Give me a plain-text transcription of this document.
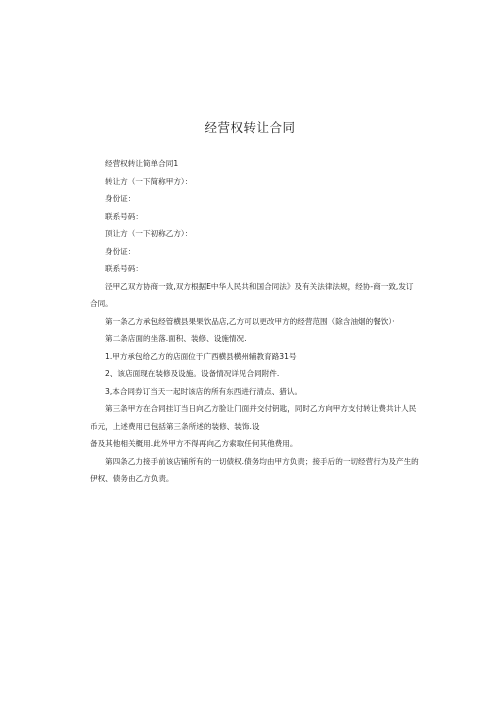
经营权转让合同

经营权转让简单合同1

转让方（一下简称甲方）：

身份证：

联系号码：

顶让方（一下初称乙方）：

身份证：

联系号码：

泾甲乙双方协商一致,双方根据E中华人民共和国合同法》及有关法律法规，经协-商一致,发订合同。

第一条乙方承包经管横县果果饮品店,乙方可以更改甲方的经营范围（除含油烟的餐饮）·

第二条店面的坐落.面积、装修、设施情况.

1.甲方承包给乙方的店面位于广西横县横州辅教育路31号

2、该店面现在装修及设施。设备情况详见合同附件.

3,本合同券订当天一起时该店的所有东西进行清点、猎认。

第三条甲方在合同挂订当日向乙方脸让门面并交付钥匙，同时乙方向甲方支付转让费共计人民币元，上述费用已包括第三条所述的装修、装饰.设

备及其他相关概用.此外甲方不得再向乙方索取任何其他费用。

第四条乙力接手前该店铺所有的一切债权.债务均由甲方负责；接手后的一切经营行为及产生的伊权、债务由乙方负责。
